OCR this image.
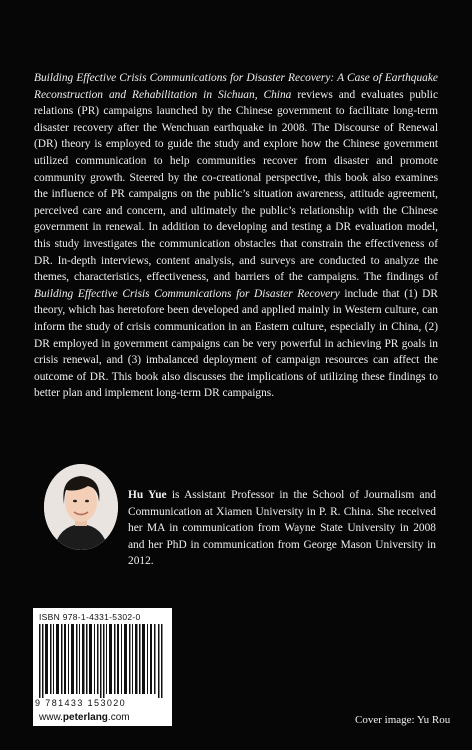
Building Effective Crisis Communications for Disaster Recovery: A Case of Earthquake Reconstruction and Rehabilitation in Sichuan, China reviews and evaluates public relations (PR) campaigns launched by the Chinese government to facilitate long-term disaster recovery after the Wenchuan earthquake in 2008. The Discourse of Renewal (DR) theory is employed to guide the study and explore how the Chinese government utilized communication to help communities recover from disaster and promote community growth. Steered by the co-creational perspective, this book also examines the influence of PR campaigns on the public’s situation awareness, attitude agreement, perceived care and concern, and ultimately the public’s relationship with the Chinese government in renewal. In addition to developing and testing a DR evaluation model, this study investigates the communication obstacles that constrain the effectiveness of DR. In-depth interviews, content analysis, and surveys are conducted to analyze the themes, characteristics, effectiveness, and barriers of the campaigns. The findings of Building Effective Crisis Communications for Disaster Recovery include that (1) DR theory, which has heretofore been developed and applied mainly in Western culture, can inform the study of crisis communication in an Eastern culture, especially in China, (2) DR employed in government campaigns can be very powerful in achieving PR goals in crisis renewal, and (3) imbalanced deployment of campaign resources can affect the outcome of DR. This book also discusses the implications of utilizing these findings to better plan and implement long-term DR campaigns.

Hu Yue is Assistant Professor in the School of Journalism and Communication at Xiamen University in P. R. China. She received her MA in communication from Wayne State University in 2008 and her PhD in communication from George Mason University in 2012.

ISBN 978-1-4331-5302-0
9 781433 153020
www.peterlang.com	Cover image: Yu Rou
